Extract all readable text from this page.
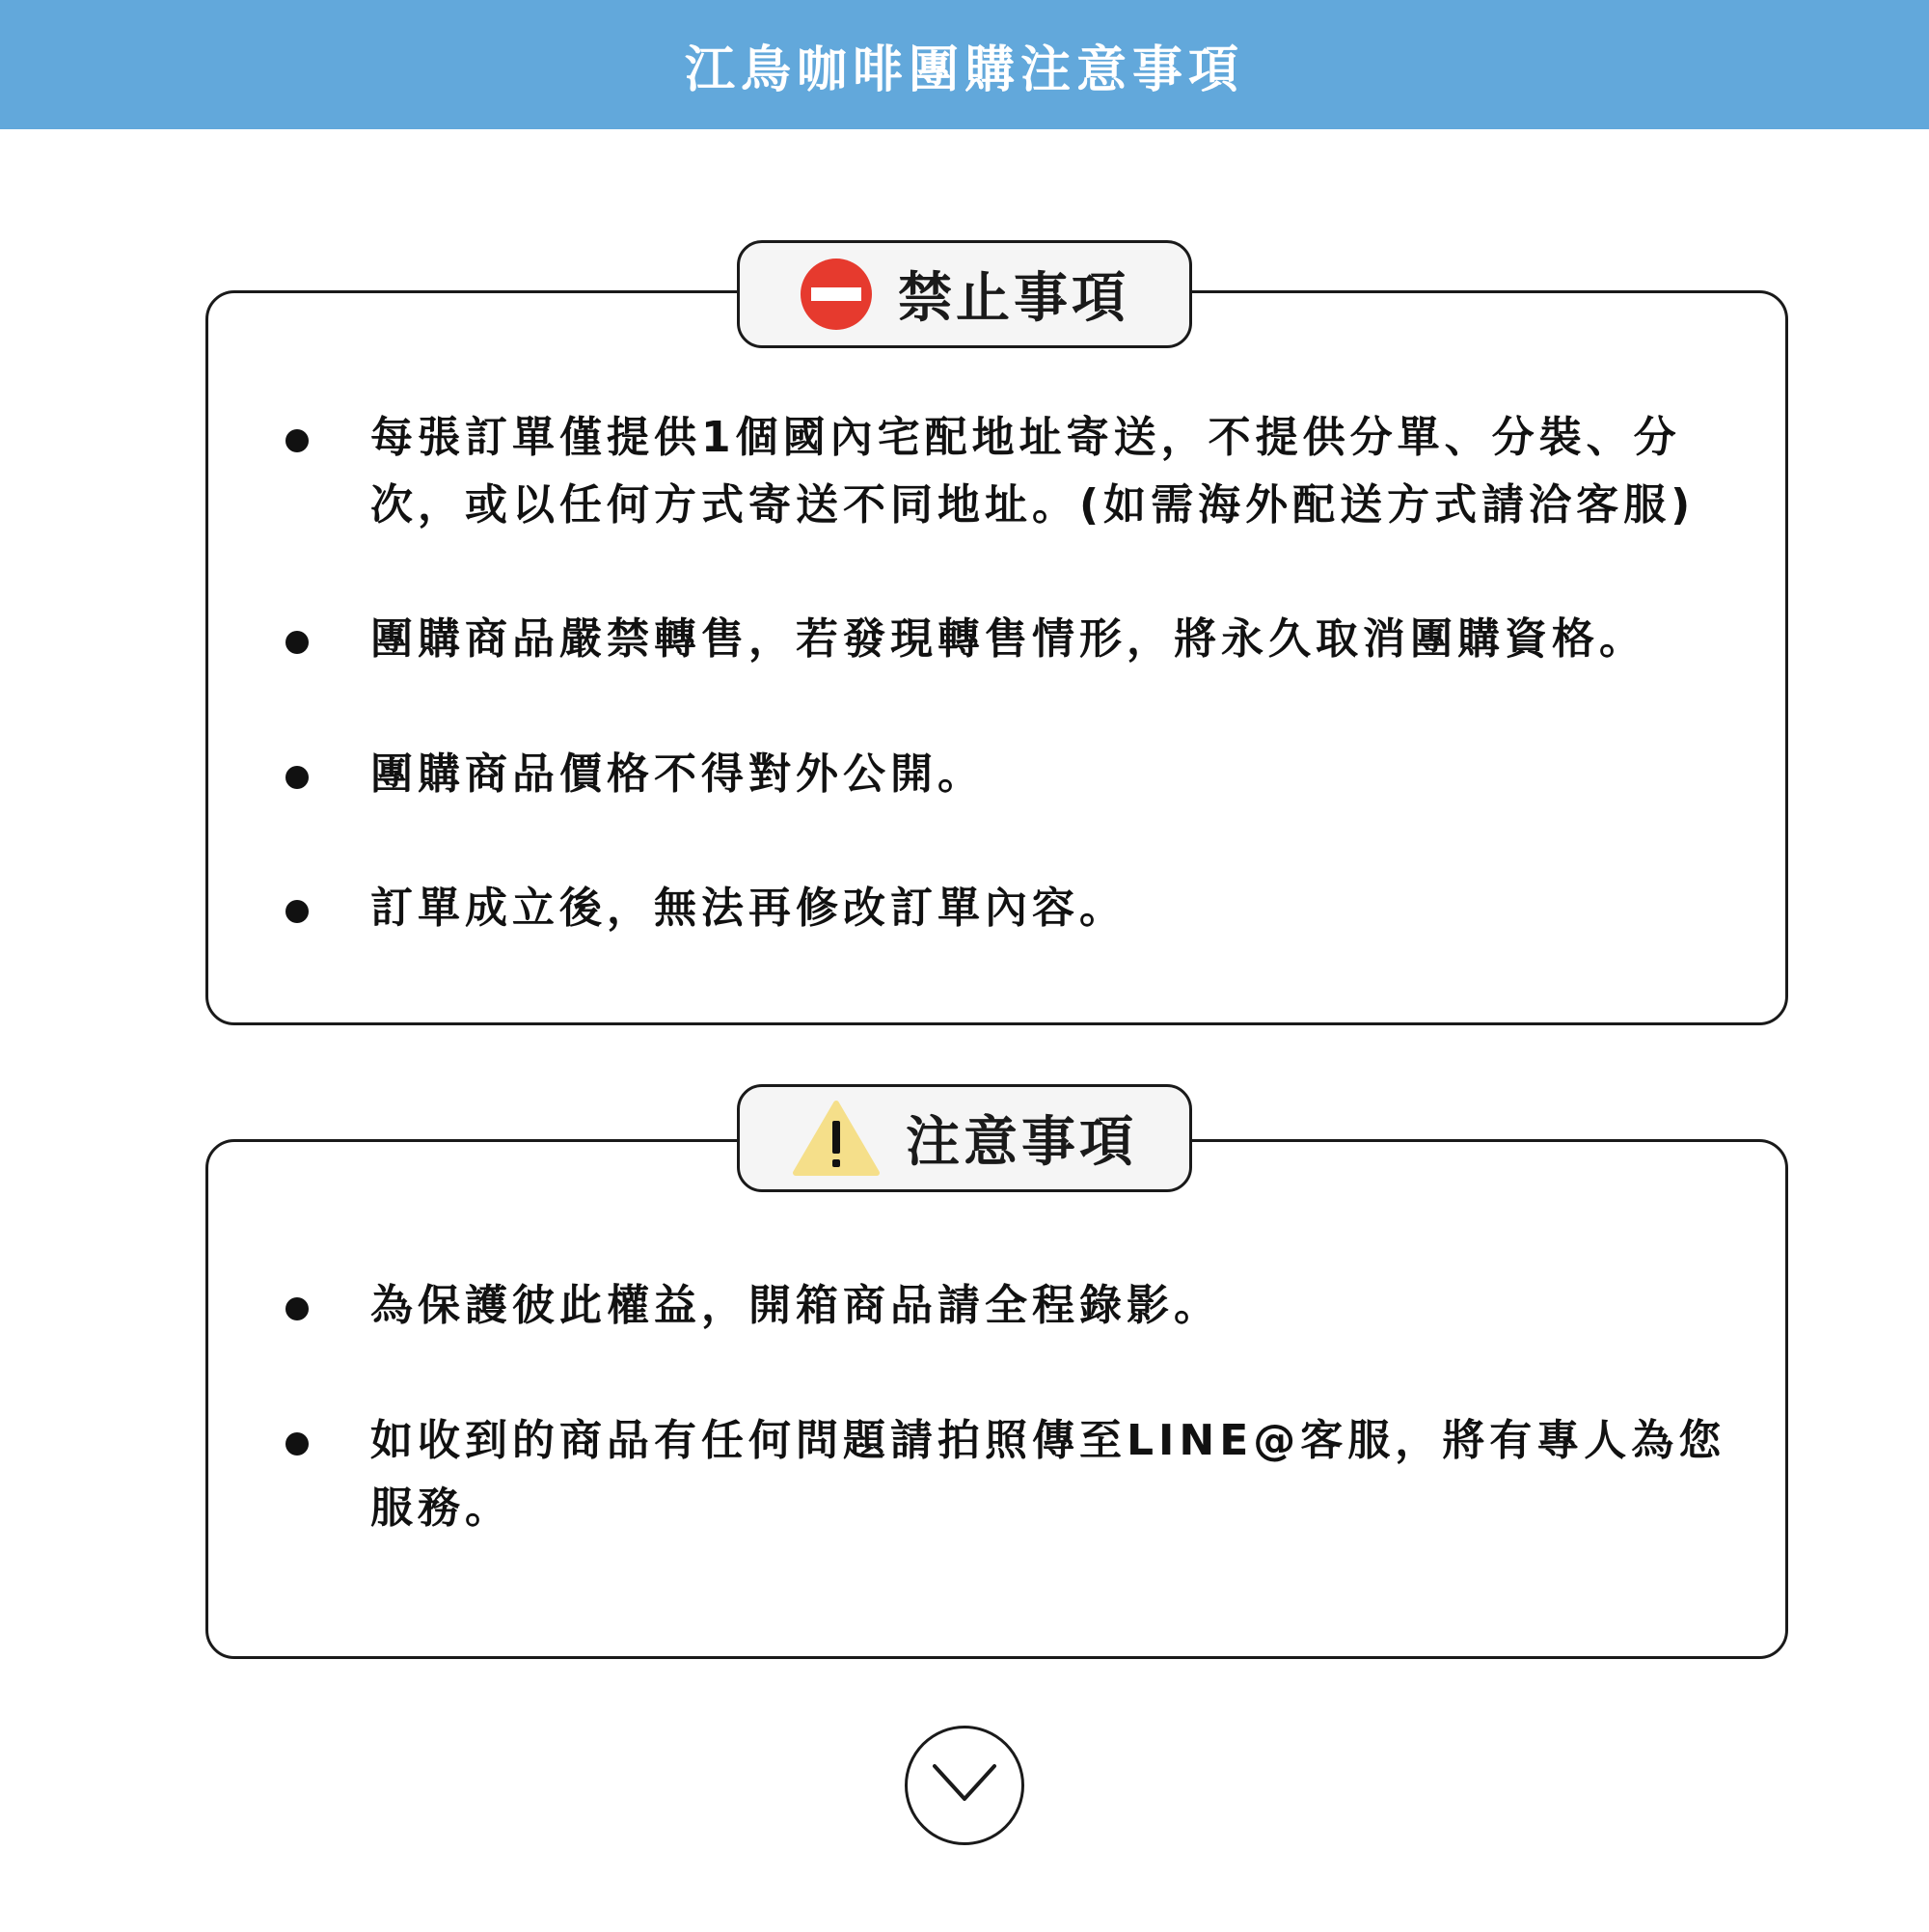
江鳥咖啡團購注意事項
每張訂單僅提供1個國內宅配地址寄送，不提供分單、分裝、分次，或以任何方式寄送不同地址。(如需海外配送方式請洽客服)
團購商品嚴禁轉售，若發現轉售情形，將永久取消團購資格。
團購商品價格不得對外公開。
訂單成立後，無法再修改訂單內容。
禁止事項
為保護彼此權益，開箱商品請全程錄影。
如收到的商品有任何問題請拍照傳至LINE@客服，將有專人為您服務。
注意事項
